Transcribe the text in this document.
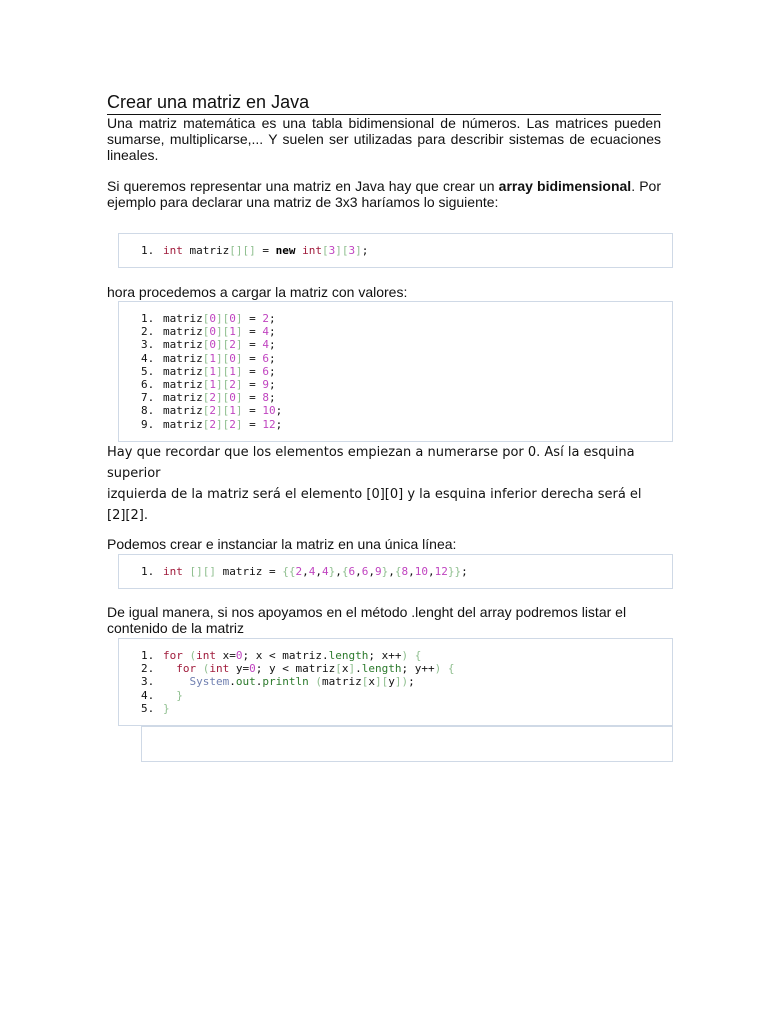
Crear una matriz en Java

Una matriz matemática es una tabla bidimensional de números. Las matrices pueden sumarse, multiplicarse,... Y suelen ser utilizadas para describir sistemas de ecuaciones lineales.

Si queremos representar una matriz en Java hay que crear un array bidimensional. Por ejemplo para declarar una matriz de 3x3 haríamos lo siguiente:

1. int matriz[][] = new int[3][3];

hora procedemos a cargar la matriz con valores:

1. matriz[0][0] = 2;
2. matriz[0][1] = 4;
3. matriz[0][2] = 4;
4. matriz[1][0] = 6;
5. matriz[1][1] = 6;
6. matriz[1][2] = 9;
7. matriz[2][0] = 8;
8. matriz[2][1] = 10;
9. matriz[2][2] = 12;

Hay que recordar que los elementos empiezan a numerarse por 0. Así la esquina superior

izquierda de la matriz será el elemento [0][0] y la esquina inferior derecha será el [2][2].

Podemos crear e instanciar la matriz en una única línea:

1. int [][] matriz = {{2,4,4},{6,6,9},{8,10,12}};

De igual manera, si nos apoyamos en el método .lenght del array podremos listar el contenido de la matriz

1. for (int x=0; x < matriz.length; x++) {
2. for (int y=0; y < matriz[x].length; y++) {
3.	System.out.println (matriz[x][y]);
4. }
5. }
